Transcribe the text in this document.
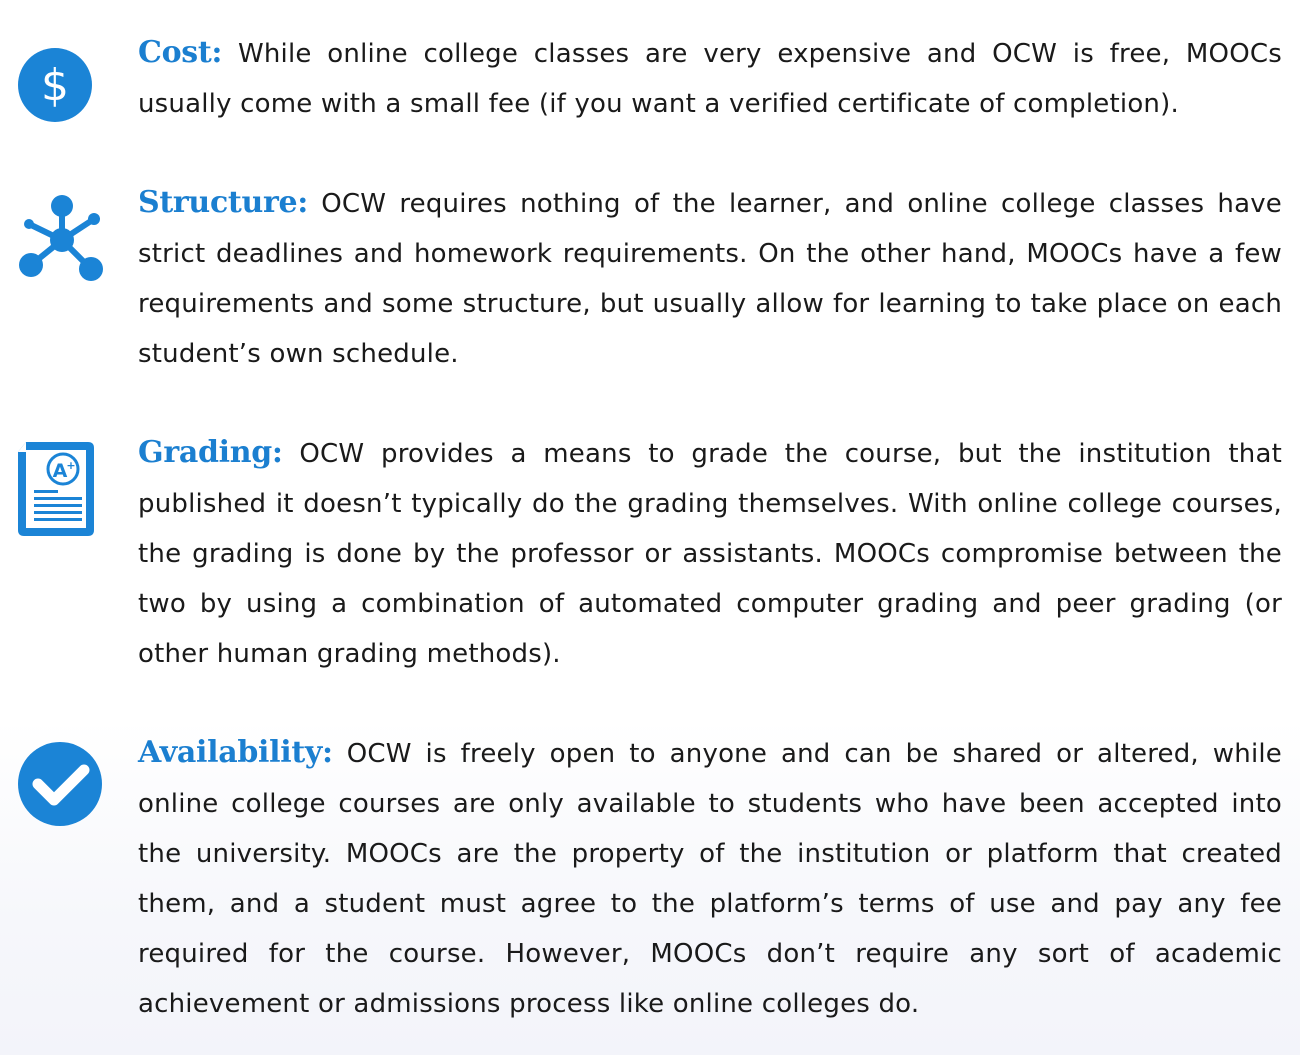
$

Cost: While online college classes are very expensive and OCW is free, MOOCs usually come with a small fee (if you want a verified certificate of completion).

Structure: OCW requires nothing of the learner, and online college classes have strict deadlines and homework requirements. On the other hand, MOOCs have a few requirements and some structure, but usually allow for learning to take place on each student’s own schedule.

A + Grading: OCW provides a means to grade the course, but the institution that published it doesn’t typically do the grading themselves. With online college courses, the grading is done by the professor or assistants. MOOCs compromise between the two by using a combination of automated computer grading and peer grading (or other human grading methods).

Availability: OCW is freely open to anyone and can be shared or altered, while online college courses are only available to students who have been accepted into the university. MOOCs are the property of the institution or platform that created them, and a student must agree to the platform’s terms of use and pay any fee required for the course. However, MOOCs don’t require any sort of academic achievement or admissions process like online colleges do.
